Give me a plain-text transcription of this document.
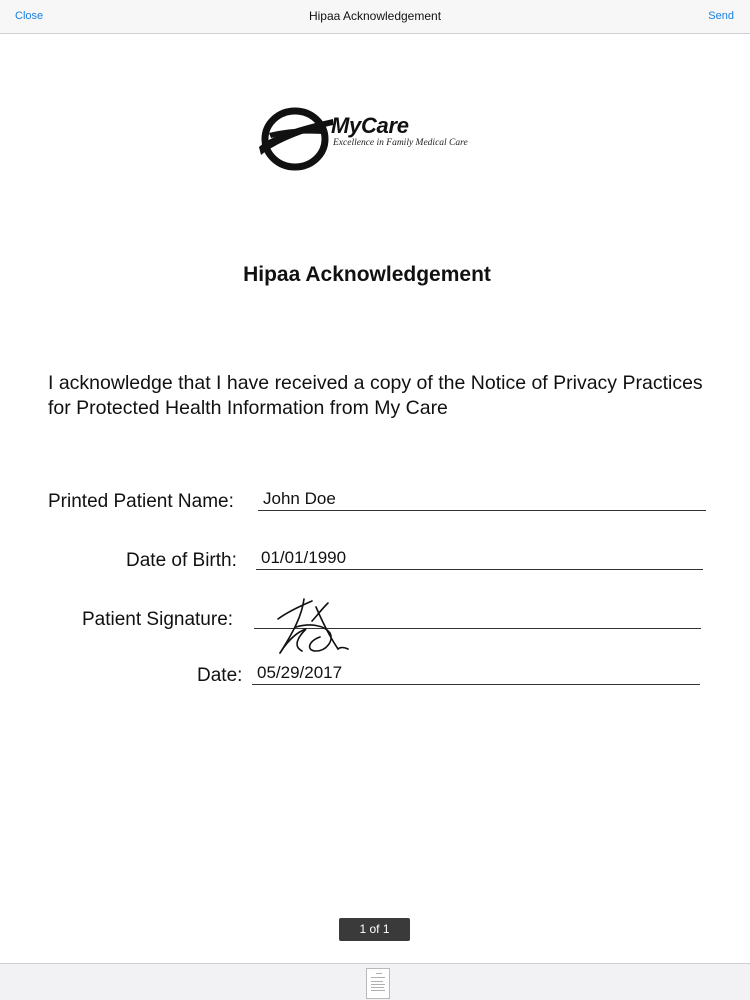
Close	Hipaa Acknowledgement	Send
MyCare
Excellence in Family Medical Care
Hipaa Acknowledgement
I acknowledge that I have received a copy of the Notice of Privacy Practices for Protected Health Information from My Care
Printed Patient Name: John Doe
Date of Birth: 01/01/1990
Patient Signature:
Date: 05/29/2017
1 of 1
